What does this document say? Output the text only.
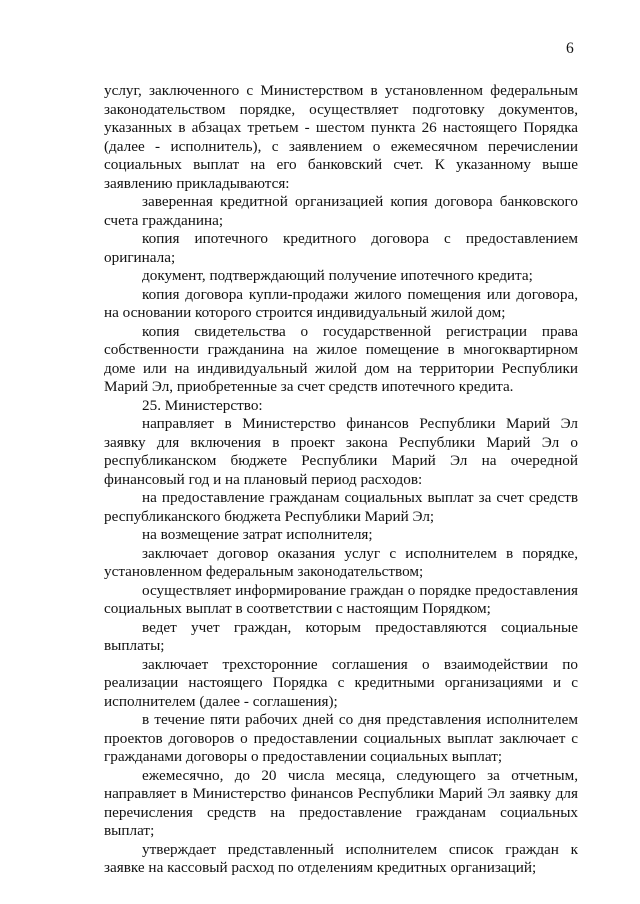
6

услуг, заключенного с Министерством в установленном федеральным законодательством порядке, осуществляет подготовку документов, указанных в абзацах третьем - шестом пункта 26 настоящего Порядка (далее - исполнитель), с заявлением о ежемесячном перечислении социальных выплат на его банковский счет. К указанному выше заявлению прикладываются:

заверенная кредитной организацией копия договора банковского счета гражданина;

копия ипотечного кредитного договора с предоставлением оригинала;

документ, подтверждающий получение ипотечного кредита;

копия договора купли-продажи жилого помещения или договора, на основании которого строится индивидуальный жилой дом;

копия свидетельства о государственной регистрации права собственности гражданина на жилое помещение в многоквартирном доме или на индивидуальный жилой дом на территории Республики Марий Эл, приобретенные за счет средств ипотечного кредита.

25. Министерство:

направляет в Министерство финансов Республики Марий Эл заявку для включения в проект закона Республики Марий Эл о республиканском бюджете Республики Марий Эл на очередной финансовый год и на плановый период расходов:

на предоставление гражданам социальных выплат за счет средств республиканского бюджета Республики Марий Эл;

на возмещение затрат исполнителя;

заключает договор оказания услуг с исполнителем в порядке, установленном федеральным законодательством;

осуществляет информирование граждан о порядке предоставления социальных выплат в соответствии с настоящим Порядком;

ведет учет граждан, которым предоставляются социальные выплаты;

заключает трехсторонние соглашения о взаимодействии по реализации настоящего Порядка с кредитными организациями и с исполнителем (далее - соглашения);

в течение пяти рабочих дней со дня представления исполнителем проектов договоров о предоставлении социальных выплат заключает с гражданами договоры о предоставлении социальных выплат;

ежемесячно, до 20 числа месяца, следующего за отчетным, направляет в Министерство финансов Республики Марий Эл заявку для перечисления средств на предоставление гражданам социальных выплат;

утверждает представленный исполнителем список граждан к заявке на кассовый расход по отделениям кредитных организаций;
